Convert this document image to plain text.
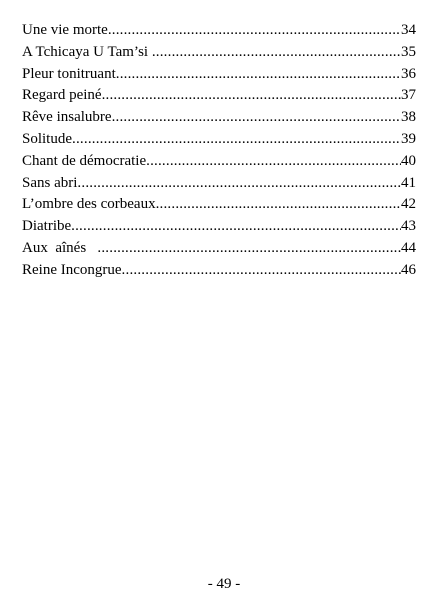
Une vie morte .....	34
A Tchicaya U Tam’si .....	35
Pleur tonitruant .....	36
Regard peiné .....	37
Rêve insalubre .....	38
Solitude .....	39
Chant de démocratie .....	40
Sans abri .....	41
L’ombre des corbeaux .....	42
Diatribe .....	43
Aux  aînés .....	44
Reine Incongrue .....	46
- 49 -
